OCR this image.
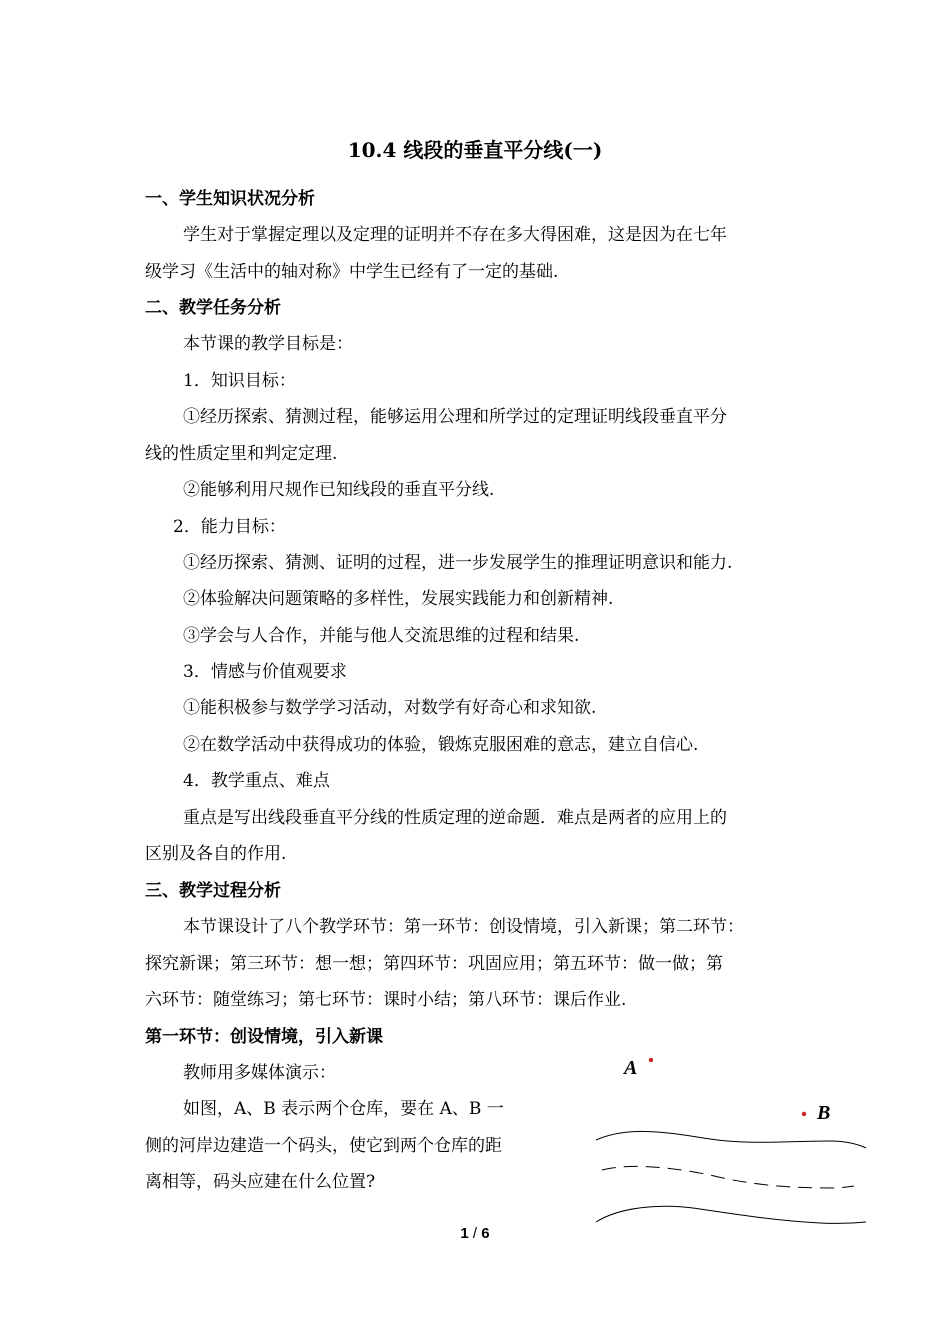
10.4 线段的垂直平分线(一)
一、学生知识状况分析
学生对于掌握定理以及定理的证明并不存在多大得困难，这是因为在七年
级学习《生活中的轴对称》中学生已经有了一定的基础.
二、教学任务分析
本节课的教学目标是：
1．知识目标：
①经历探索、猜测过程，能够运用公理和所学过的定理证明线段垂直平分
线的性质定里和判定定理.
②能够利用尺规作已知线段的垂直平分线.
2．能力目标：
①经历探索、猜测、证明的过程，进一步发展学生的推理证明意识和能力.
②体验解决问题策略的多样性，发展实践能力和创新精神.
③学会与人合作，并能与他人交流思维的过程和结果.
3．情感与价值观要求
①能积极参与数学学习活动，对数学有好奇心和求知欲.
②在数学活动中获得成功的体验，锻炼克服困难的意志，建立自信心.
4．教学重点、难点
重点是写出线段垂直平分线的性质定理的逆命题．难点是两者的应用上的
区别及各自的作用.
三、教学过程分析
本节课设计了八个教学环节：第一环节：创设情境，引入新课；第二环节：
探究新课；第三环节：想一想；第四环节：巩固应用；第五环节：做一做；第
六环节：随堂练习；第七环节：课时小结；第八环节：课后作业.
第一环节：创设情境，引入新课
教师用多媒体演示：
如图，A、B 表示两个仓库，要在 A、B 一
侧的河岸边建造一个码头，使它到两个仓库的距
离相等，码头应建在什么位置?
A
B
1 / 6
